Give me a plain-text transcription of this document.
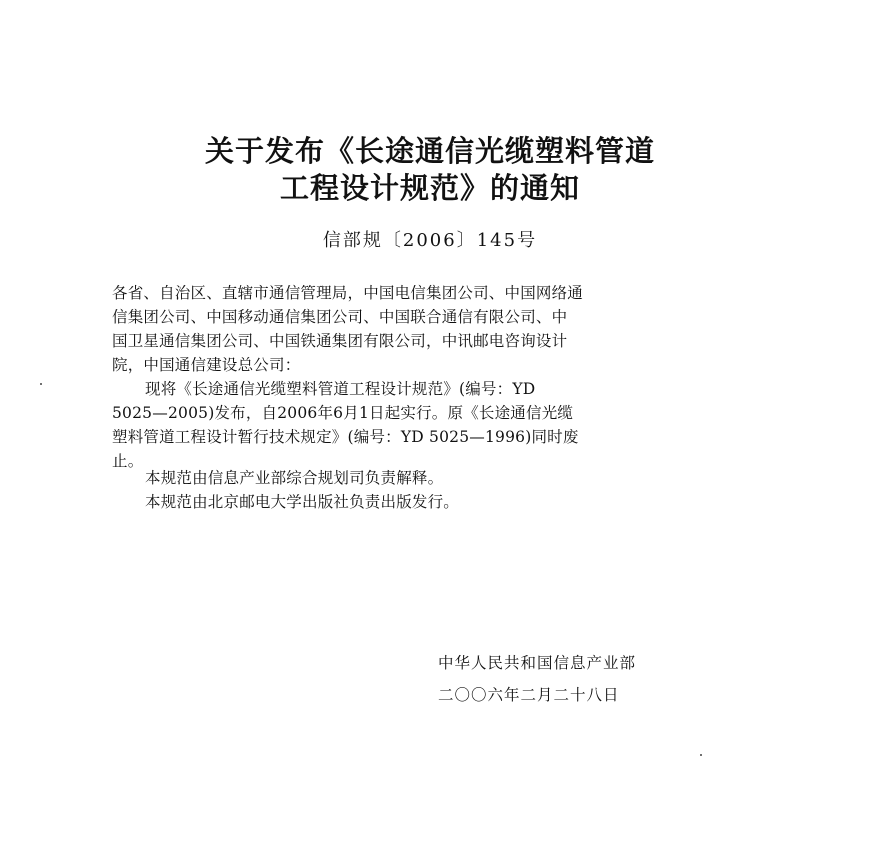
关于发布《长途通信光缆塑料管道
工程设计规范》的通知
信部规〔2006〕145号
各省、自治区、直辖市通信管理局，中国电信集团公司、中国网络通
信集团公司、中国移动通信集团公司、中国联合通信有限公司、中
国卫星通信集团公司、中国铁通集团有限公司，中讯邮电咨询设计
院，中国通信建设总公司：
现将《长途通信光缆塑料管道工程设计规范》(编号：YD
5025—2005)发布，自2006年6月1日起实行。原《长途通信光缆
塑料管道工程设计暂行技术规定》(编号：YD 5025—1996)同时废
止。
本规范由信息产业部综合规划司负责解释。
本规范由北京邮电大学出版社负责出版发行。
中华人民共和国信息产业部
二〇〇六年二月二十八日
